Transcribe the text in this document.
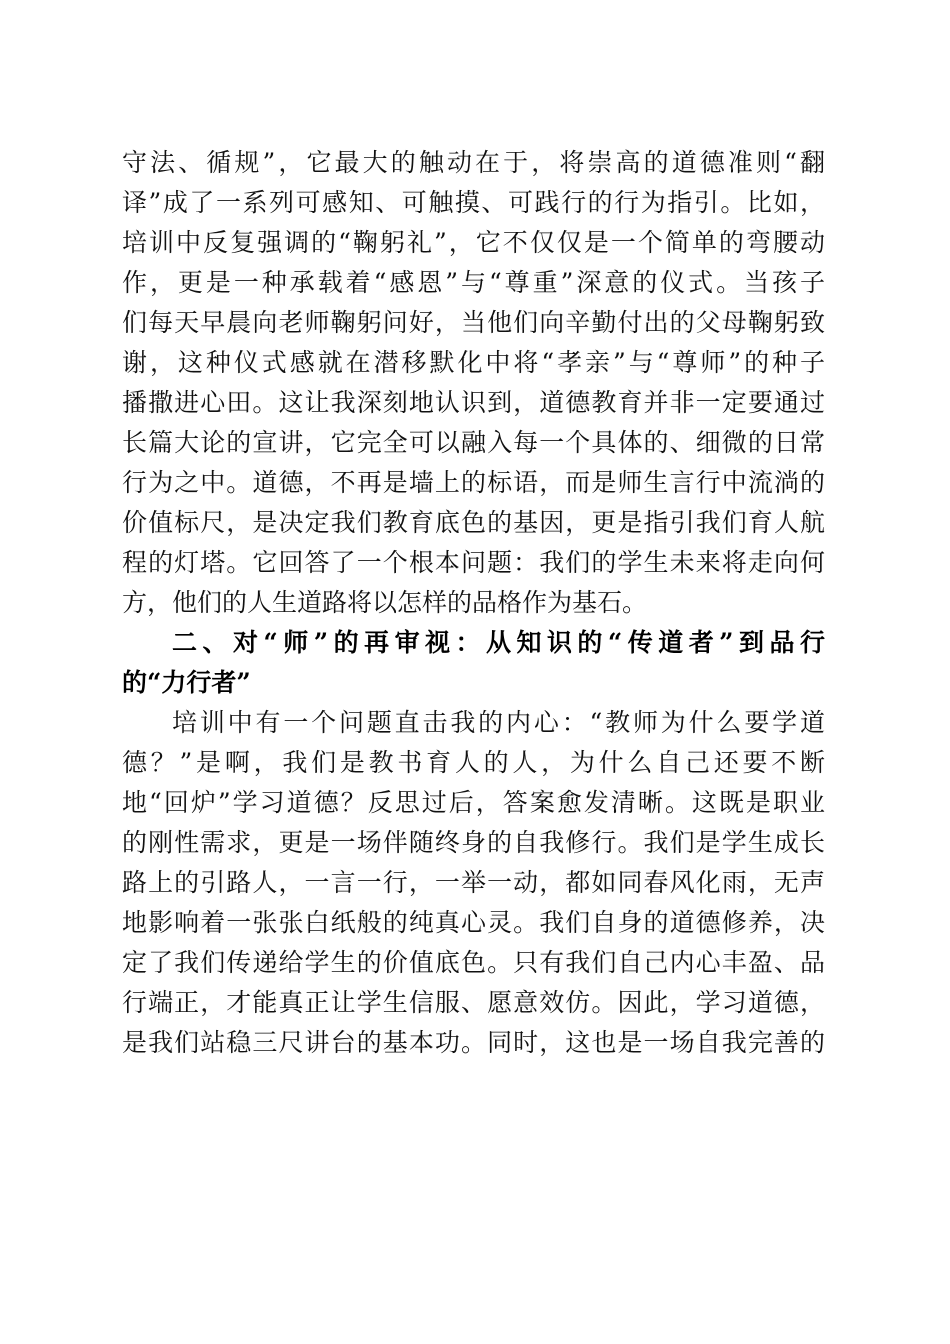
守法、循规”，它最大的触动在于，将崇高的道德准则“翻
译”成了一系列可感知、可触摸、可践行的行为指引。比如，
培训中反复强调的“鞠躬礼”，它不仅仅是一个简单的弯腰动
作，更是一种承载着“感恩”与“尊重”深意的仪式。当孩子
们每天早晨向老师鞠躬问好，当他们向辛勤付出的父母鞠躬致
谢，这种仪式感就在潜移默化中将“孝亲”与“尊师”的种子
播撒进心田。这让我深刻地认识到，道德教育并非一定要通过
长篇大论的宣讲，它完全可以融入每一个具体的、细微的日常
行为之中。道德，不再是墙上的标语，而是师生言行中流淌的
价值标尺，是决定我们教育底色的基因，更是指引我们育人航
程的灯塔。它回答了一个根本问题：我们的学生未来将走向何
方，他们的人生道路将以怎样的品格作为基石。
二、对“师”的再审视：从知识的“传道者”到品行
的“力行者”
培训中有一个问题直击我的内心：“教师为什么要学道
德？”是啊，我们是教书育人的人，为什么自己还要不断
地“回炉”学习道德？反思过后，答案愈发清晰。这既是职业
的刚性需求，更是一场伴随终身的自我修行。我们是学生成长
路上的引路人，一言一行，一举一动，都如同春风化雨，无声
地影响着一张张白纸般的纯真心灵。我们自身的道德修养，决
定了我们传递给学生的价值底色。只有我们自己内心丰盈、品
行端正，才能真正让学生信服、愿意效仿。因此，学习道德，
是我们站稳三尺讲台的基本功。同时，这也是一场自我完善的
